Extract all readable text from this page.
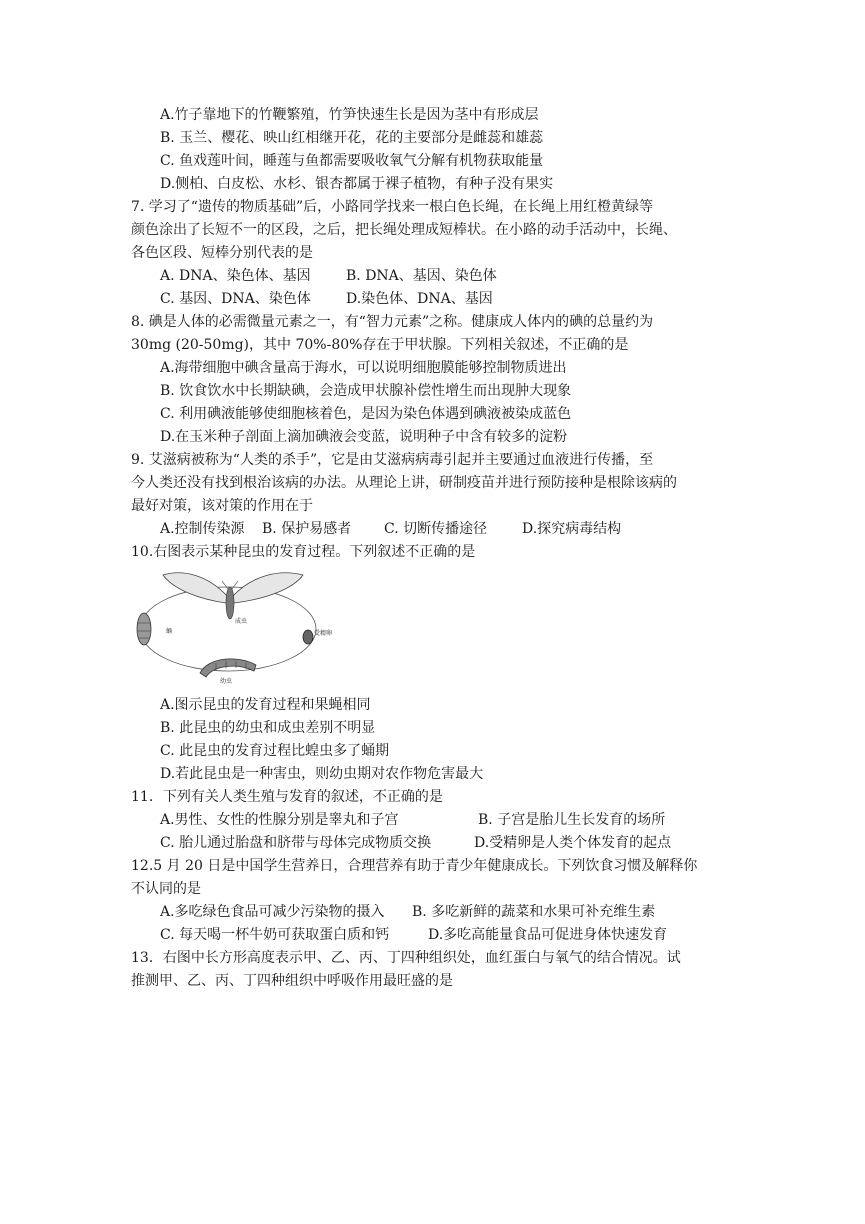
A.竹子靠地下的竹鞭繁殖，竹笋快速生长是因为茎中有形成层
B. 玉兰、樱花、映山红相继开花，花的主要部分是雌蕊和雄蕊
C. 鱼戏莲叶间，睡莲与鱼都需要吸收氧气分解有机物获取能量
D.侧柏、白皮松、水杉、银杏都属于裸子植物，有种子没有果实
7. 学习了“遗传的物质基础”后，小路同学找来一根白色长绳，在长绳上用红橙黄绿等
颜色涂出了长短不一的区段，之后，把长绳处理成短棒状。在小路的动手活动中，长绳、
各色区段、短棒分别代表的是
A. DNA、染色体、基因	B. DNA、基因、染色体
C. 基因、DNA、染色体	D.染色体、DNA、基因
8. 碘是人体的必需微量元素之一，有“智力元素”之称。健康成人体内的碘的总量约为
30mg (20-50mg)，其中 70%-80%存在于甲状腺。下列相关叙述，不正确的是
A.海带细胞中碘含量高于海水，可以说明细胞膜能够控制物质进出
B. 饮食饮水中长期缺碘，会造成甲状腺补偿性增生而出现肿大现象
C. 利用碘液能够使细胞核着色，是因为染色体遇到碘液被染成蓝色
D.在玉米种子剖面上滴加碘液会变蓝，说明种子中含有较多的淀粉
9. 艾滋病被称为“人类的杀手”，它是由艾滋病病毒引起并主要通过血液进行传播，至
今人类还没有找到根治该病的办法。从理论上讲，研制疫苗并进行预防接种是根除该病的
最好对策，该对策的作用在于
A.控制传染源 B. 保护易感者 C. 切断传播途径 D.探究病毒结构
10.右图表示某种昆虫的发育过程。下列叙述不正确的是
成虫
蛹	受精卵
幼虫
A.图示昆虫的发育过程和果蝇相同
B. 此昆虫的幼虫和成虫差别不明显
C. 此昆虫的发育过程比蝗虫多了蛹期
D.若此昆虫是一种害虫，则幼虫期对农作物危害最大
11．下列有关人类生殖与发育的叙述，不正确的是
A.男性、女性的性腺分别是睾丸和子宫	B. 子宫是胎儿生长发育的场所
C. 胎儿通过胎盘和脐带与母体完成物质交换	D.受精卵是人类个体发育的起点
12.5 月 20 日是中国学生营养日，合理营养有助于青少年健康成长。下列饮食习惯及解释你
不认同的是
A.多吃绿色食品可减少污染物的摄入 B. 多吃新鲜的蔬菜和水果可补充维生素
C. 每天喝一杯牛奶可获取蛋白质和钙	D.多吃高能量食品可促进身体快速发育
13．右图中长方形高度表示甲、乙、丙、丁四种组织处，血红蛋白与氧气的结合情况。试
推测甲、乙、丙、丁四种组织中呼吸作用最旺盛的是
